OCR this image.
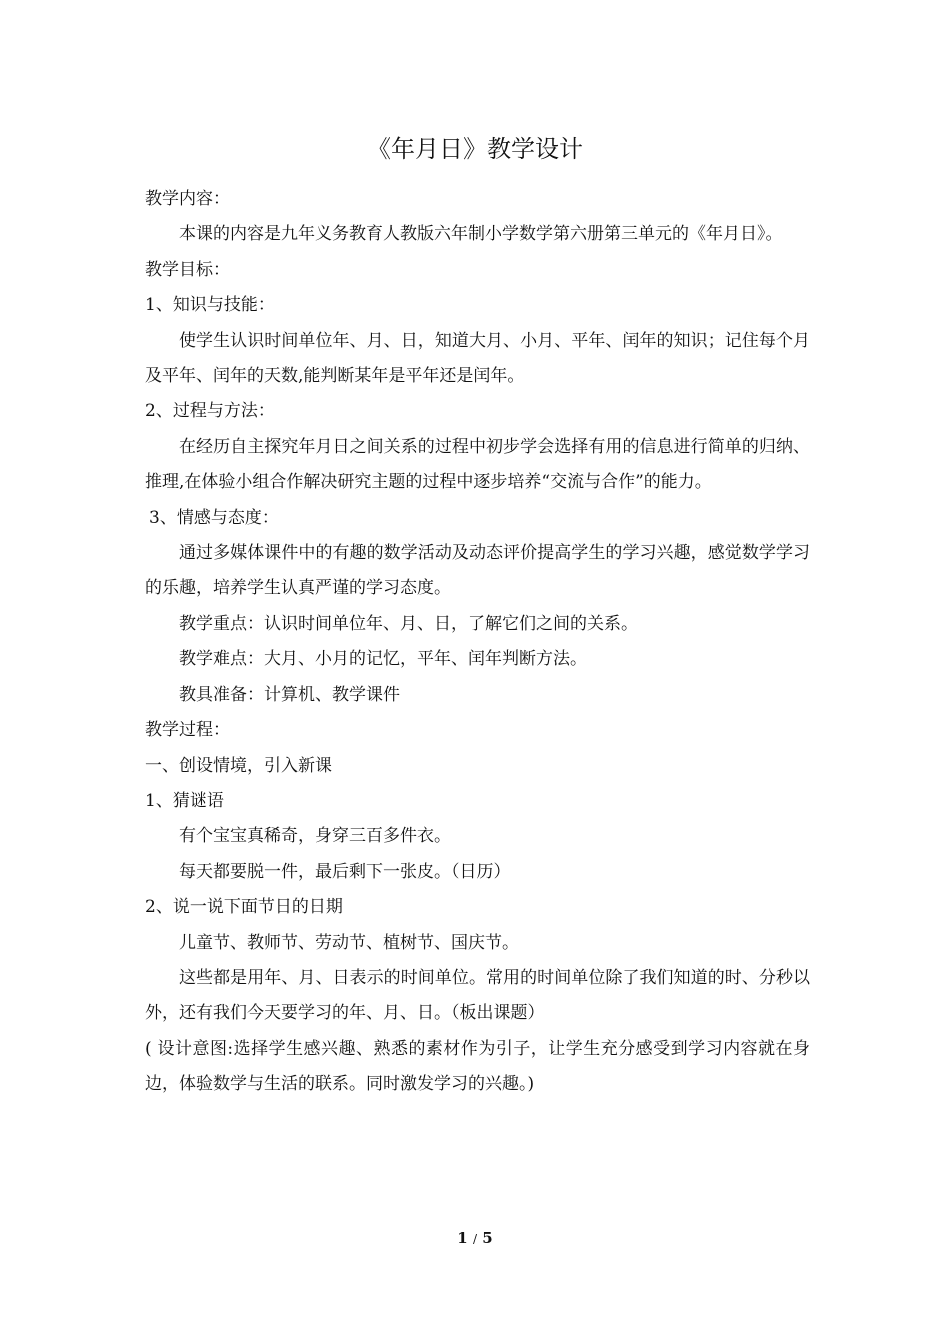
《年月日》教学设计

教学内容：

本课的内容是九年义务教育人教版六年制小学数学第六册第三单元的《年月日》。

教学目标：

1、知识与技能：

使学生认识时间单位年、月、日，知道大月、小月、平年、闰年的知识；记住每个月及平年、闰年的天数,能判断某年是平年还是闰年。

2、过程与方法：

在经历自主探究年月日之间关系的过程中初步学会选择有用的信息进行简单的归纳、推理,在体验小组合作解决研究主题的过程中逐步培养“交流与合作”的能力。

3、情感与态度：

通过多媒体课件中的有趣的数学活动及动态评价提高学生的学习兴趣，感觉数学学习的乐趣，培养学生认真严谨的学习态度。

教学重点：认识时间单位年、月、日，了解它们之间的关系。

教学难点：大月、小月的记忆，平年、闰年判断方法。

教具准备：计算机、教学课件

教学过程：

一、创设情境，引入新课

1、猜谜语

有个宝宝真稀奇，身穿三百多件衣。

每天都要脱一件，最后剩下一张皮。（日历）

2、说一说下面节日的日期

儿童节、教师节、劳动节、植树节、国庆节。

这些都是用年、月、日表示的时间单位。常用的时间单位除了我们知道的时、分秒以外，还有我们今天要学习的年、月、日。（板出课题）

( 设计意图:选择学生感兴趣、熟悉的素材作为引子，让学生充分感受到学习内容就在身边，体验数学与生活的联系。同时激发学习的兴趣。)

1 / 5
